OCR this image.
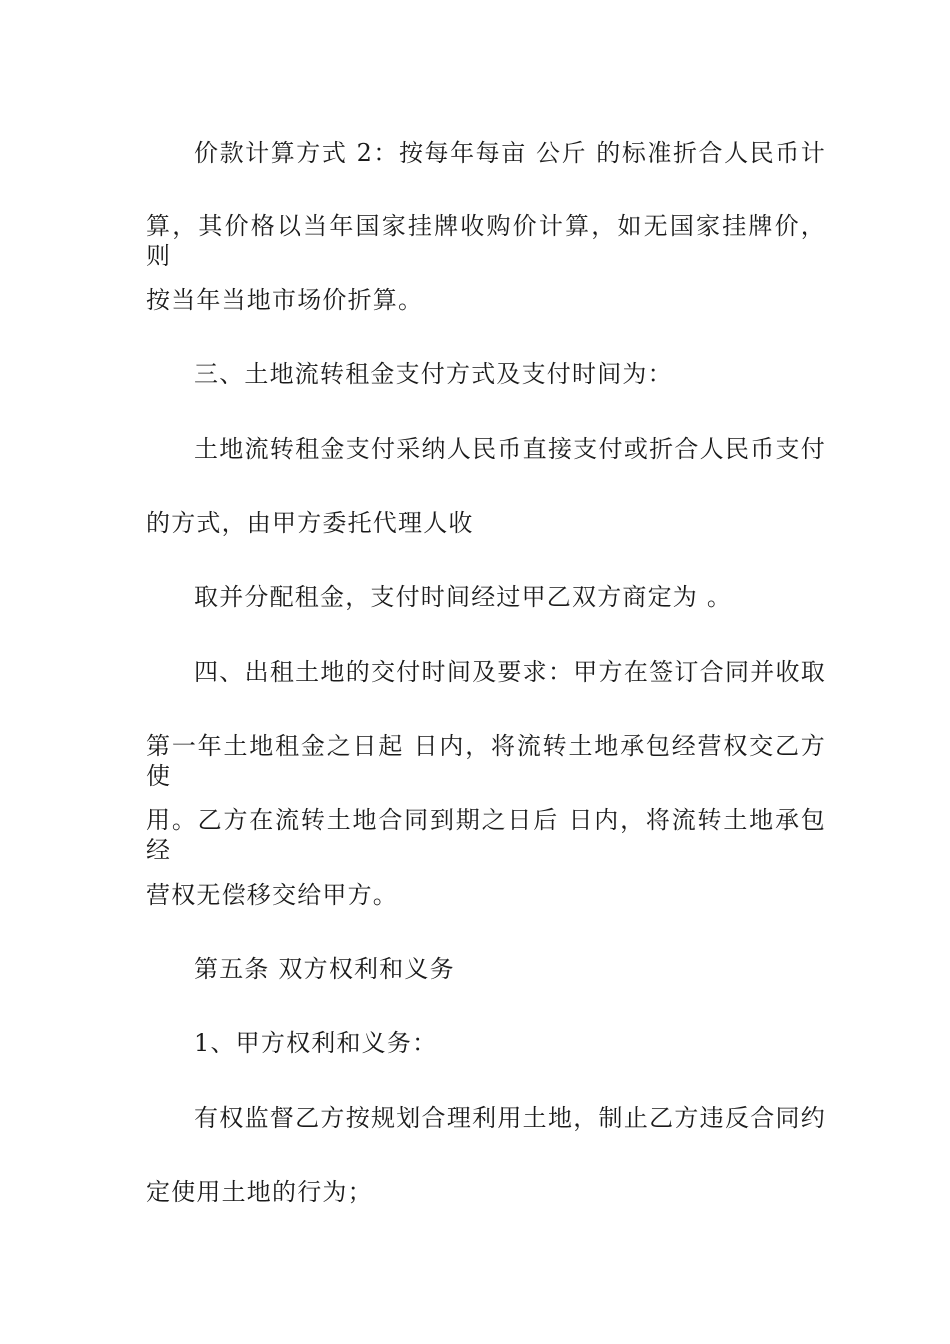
价款计算方式 2：按每年每亩 公斤 的标准折合人民币计
算，其价格以当年国家挂牌收购价计算，如无国家挂牌价，则
按当年当地市场价折算。
三、土地流转租金支付方式及支付时间为：
土地流转租金支付采纳人民币直接支付或折合人民币支付
的方式，由甲方委托代理人收
取并分配租金，支付时间经过甲乙双方商定为 。
四、出租土地的交付时间及要求：甲方在签订合同并收取
第一年土地租金之日起 日内，将流转土地承包经营权交乙方使
用。乙方在流转土地合同到期之日后 日内，将流转土地承包经
营权无偿移交给甲方。
第五条 双方权利和义务
1、甲方权利和义务：
有权监督乙方按规划合理利用土地，制止乙方违反合同约
定使用土地的行为；
